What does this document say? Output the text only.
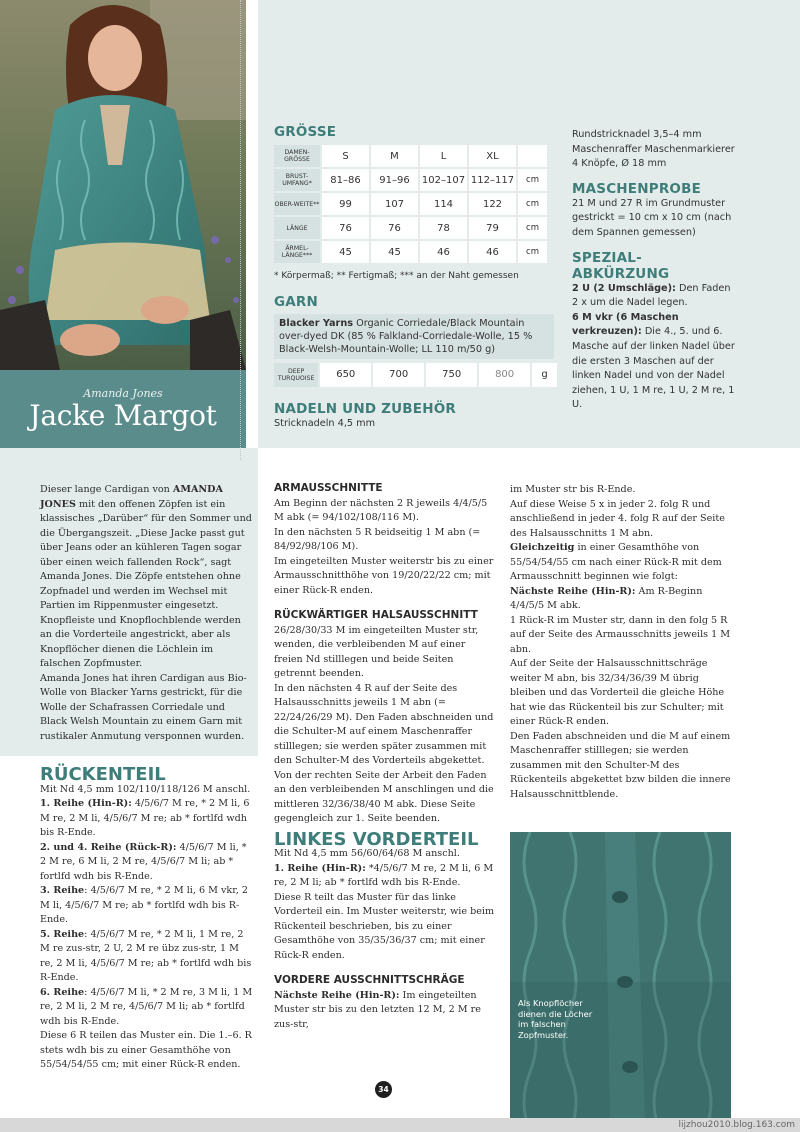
Amanda Jones
Jacke Margot
GRÖSSE
DAMEN-GRÖSSE	S	M	L	XL	
BRUST-UMFANG*	81–86	91–96	102–107	112–117	cm
OBER-WEITE**	99	107	114	122	cm
LÄNGE	76	76	78	79	cm
ÄRMEL-LÄNGE***	45	45	46	46	cm
* Körpermaß; ** Fertigmaß; *** an der Naht gemessen
GARN
Blacker Yarns Organic Corriedale/Black Mountain over-dyed DK (85 % Falkland-Corriedale-Wolle, 15 % Black-Welsh-Mountain-Wolle; LL 110 m/50 g)
DEEP TURQUOISE	650	700	750	800	g
NADELN UND ZUBEHÖR
Stricknadeln 4,5 mm
Rundstricknadel 3,5–4 mm Maschenraffer Maschenmarkierer 4 Knöpfe, Ø 18 mm
MASCHENPROBE
21 M und 27 R im Grundmuster gestrickt = 10 cm x 10 cm (nach dem Spannen gemessen)
SPEZIAL-ABKÜRZUNG
2 U (2 Umschläge): Den Faden 2 x um die Nadel legen.
6 M vkr (6 Maschen verkreuzen): Die 4., 5. und 6. Masche auf der linken Nadel über die ersten 3 Maschen auf der linken Nadel und von der Nadel ziehen, 1 U, 1 M re, 1 U, 2 M re, 1 U.

Dieser lange Cardigan von AMANDA JONES mit den offenen Zöpfen ist ein klassisches „Darüber“ für den Sommer und die Übergangszeit. „Diese Jacke passt gut über Jeans oder an kühleren Tagen sogar über einen weich fallenden Rock“, sagt Amanda Jones. Die Zöpfe entstehen ohne Zopfnadel und werden im Wechsel mit Partien im Rippenmuster eingesetzt. Knopfleiste und Knopflochblende werden an die Vorderteile angestrickt, aber als Knopflöcher dienen die Löchlein im falschen Zopfmuster.

Amanda Jones hat ihren Cardigan aus Bio-Wolle von Blacker Yarns gestrickt, für die Wolle der Schafrassen Corriedale und Black Welsh Mountain zu einem Garn mit rustikaler Anmutung versponnen wurden.

RÜCKENTEIL

Mit Nd 4,5 mm 102/110/118/126 M anschl.

1. Reihe (Hin-R): 4/5/6/7 M re, * 2 M li, 6 M re, 2 M li, 4/5/6/7 M re; ab * fortlfd wdh bis R-Ende.

2. und 4. Reihe (Rück-R): 4/5/6/7 M li, * 2 M re, 6 M li, 2 M re, 4/5/6/7 M li; ab * fortlfd wdh bis R-Ende.

3. Reihe: 4/5/6/7 M re, * 2 M li, 6 M vkr, 2 M li, 4/5/6/7 M re; ab * fortlfd wdh bis R-Ende.

5. Reihe: 4/5/6/7 M re, * 2 M li, 1 M re, 2 M re zus-str, 2 U, 2 M re übz zus-str, 1 M re, 2 M li, 4/5/6/7 M re; ab * fortlfd wdh bis R-Ende.

6. Reihe: 4/5/6/7 M li, * 2 M re, 3 M li, 1 M re, 2 M li, 2 M re, 4/5/6/7 M li; ab * fortlfd wdh bis R-Ende.

Diese 6 R teilen das Muster ein. Die 1.–6. R stets wdh bis zu einer Gesamthöhe von 55/54/54/55 cm; mit einer Rück-R enden.

ARMAUSSCHNITTE

Am Beginn der nächsten 2 R jeweils 4/4/5/5 M abk (= 94/102/108/116 M).

In den nächsten 5 R beidseitig 1 M abn (= 84/92/98/106 M).

Im eingeteilten Muster weiterstr bis zu einer Armausschnitthöhe von 19/20/22/22 cm; mit einer Rück-R enden.

RÜCKWÄRTIGER HALSAUSSCHNITT

26/28/30/33 M im eingeteilten Muster str, wenden, die verbleibenden M auf einer freien Nd stilllegen und beide Seiten getrennt beenden.

In den nächsten 4 R auf der Seite des Halsausschnitts jeweils 1 M abn (= 22/24/26/29 M). Den Faden abschneiden und die Schulter-M auf einem Maschenraffer stilllegen; sie werden später zusammen mit den Schulter-M des Vorderteils abgekettet.

Von der rechten Seite der Arbeit den Faden an den verbleibenden M anschlingen und die mittleren 32/36/38/40 M abk. Diese Seite gegengleich zur 1. Seite beenden.

LINKES VORDERTEIL

Mit Nd 4,5 mm 56/60/64/68 M anschl.

1. Reihe (Hin-R): *4/5/6/7 M re, 2 M li, 6 M re, 2 M li; ab * fortlfd wdh bis R-Ende.

Diese R teilt das Muster für das linke Vorderteil ein. Im Muster weiterstr, wie beim Rückenteil beschrieben, bis zu einer Gesamthöhe von 35/35/36/37 cm; mit einer Rück-R enden.

VORDERE AUSSCHNITTSCHRÄGE

Nächste Reihe (Hin-R): Im eingeteilten Muster str bis zu den letzten 12 M, 2 M re zus-str,

im Muster str bis R-Ende.

Auf diese Weise 5 x in jeder 2. folg R und anschließend in jeder 4. folg R auf der Seite des Halsausschnitts 1 M abn.

Gleichzeitig in einer Gesamthöhe von 55/54/54/55 cm nach einer Rück-R mit dem Armausschnitt beginnen wie folgt:

Nächste Reihe (Hin-R): Am R-Beginn 4/4/5/5 M abk.

1 Rück-R im Muster str, dann in den folg 5 R auf der Seite des Armausschnitts jeweils 1 M abn.

Auf der Seite der Halsausschnittschräge weiter M abn, bis 32/34/36/39 M übrig bleiben und das Vorderteil die gleiche Höhe hat wie das Rückenteil bis zur Schulter; mit einer Rück-R enden.

Den Faden abschneiden und die M auf einem Maschenraffer stilllegen; sie werden zusammen mit den Schulter-M des Rückenteils abgekettet bzw bilden die innere Halsausschnittblende.

Als Knopflöcher dienen die Löcher im falschen Zopfmuster.
34
lijzhou2010.blog.163.com
